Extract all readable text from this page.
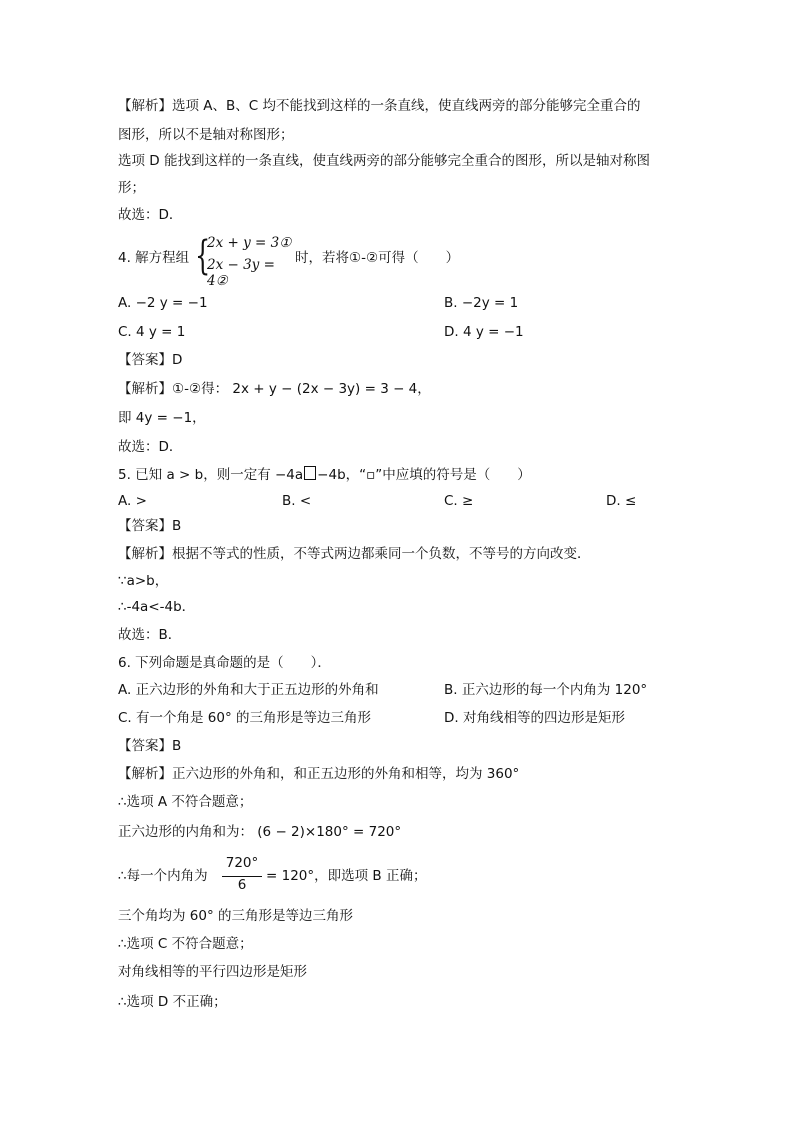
【解析】选项 A、B、C 均不能找到这样的一条直线，使直线两旁的部分能够完全重合的
图形，所以不是轴对称图形；
选项 D 能找到这样的一条直线，使直线两旁的部分能够完全重合的图形，所以是轴对称图
形；
故选：D．
4. 解方程组 {
2x + y = 3①
2x − 3y = 4②
时，若将①-②可得（　　）
A. −2 y = −1	B. −2y = 1
C. 4 y = 1	D. 4 y = −1
【答案】D
【解析】①-②得： 2x + y − (2x − 3y) = 3 − 4，
即 4y = −1，
故选：D．
5. 已知 a > b，则一定有 −4a −4b，“▫”中应填的符号是（　　）
A. >	B. <	C. ≥	D. ≤
【答案】B
【解析】根据不等式的性质，不等式两边都乘同一个负数，不等号的方向改变．
∵a>b，
∴-4a<-4b．
故选：B．
6. 下列命题是真命题的是（　　）．
A. 正六边形的外角和大于正五边形的外角和	B. 正六边形的每一个内角为 120°
C. 有一个角是 60° 的三角形是等边三角形	D. 对角线相等的四边形是矩形
【答案】B
【解析】正六边形的外角和，和正五边形的外角和相等，均为 360°
∴选项 A 不符合题意；
正六边形的内角和为： (6 − 2)×180° = 720°
∴每一个内角为
720°
6
= 120°，即选项 B 正确；
三个角均为 60° 的三角形是等边三角形
∴选项 C 不符合题意；
对角线相等的平行四边形是矩形
∴选项 D 不正确；
